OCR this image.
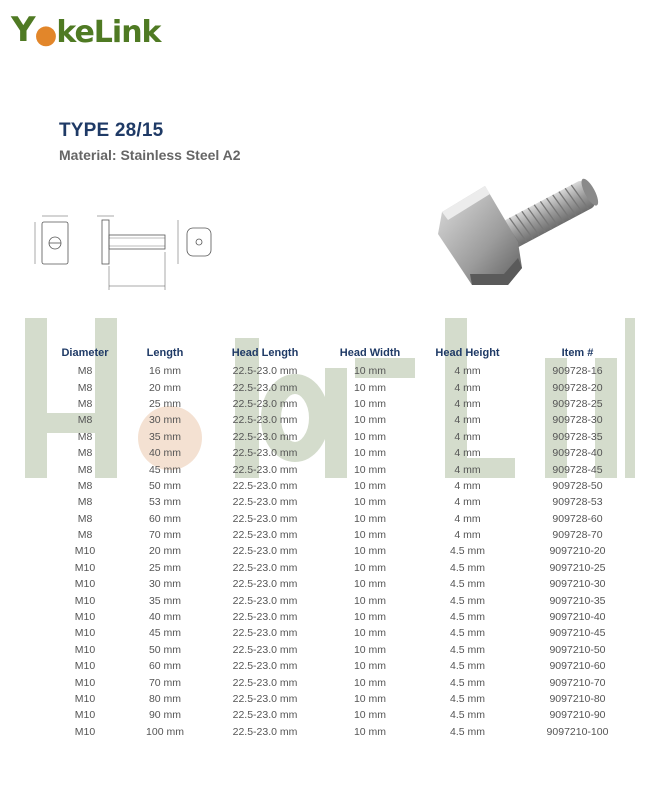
Y ● keLink
TYPE 28/15
Material: Stainless Steel A2
Diameter	Length	Head Length	Head Width	Head Height	Item #
M8	16 mm	22.5-23.0 mm	10 mm	4 mm	909728-16
M8	20 mm	22.5-23.0 mm	10 mm	4 mm	909728-20
M8	25 mm	22.5-23.0 mm	10 mm	4 mm	909728-25
M8	30 mm	22.5-23.0 mm	10 mm	4 mm	909728-30
M8	35 mm	22.5-23.0 mm	10 mm	4 mm	909728-35
M8	40 mm	22.5-23.0 mm	10 mm	4 mm	909728-40
M8	45 mm	22.5-23.0 mm	10 mm	4 mm	909728-45
M8	50 mm	22.5-23.0 mm	10 mm	4 mm	909728-50
M8	53 mm	22.5-23.0 mm	10 mm	4 mm	909728-53
M8	60 mm	22.5-23.0 mm	10 mm	4 mm	909728-60
M8	70 mm	22.5-23.0 mm	10 mm	4 mm	909728-70
M10	20 mm	22.5-23.0 mm	10 mm	4.5 mm	9097210-20
M10	25 mm	22.5-23.0 mm	10 mm	4.5 mm	9097210-25
M10	30 mm	22.5-23.0 mm	10 mm	4.5 mm	9097210-30
M10	35 mm	22.5-23.0 mm	10 mm	4.5 mm	9097210-35
M10	40 mm	22.5-23.0 mm	10 mm	4.5 mm	9097210-40
M10	45 mm	22.5-23.0 mm	10 mm	4.5 mm	9097210-45
M10	50 mm	22.5-23.0 mm	10 mm	4.5 mm	9097210-50
M10	60 mm	22.5-23.0 mm	10 mm	4.5 mm	9097210-60
M10	70 mm	22.5-23.0 mm	10 mm	4.5 mm	9097210-70
M10	80 mm	22.5-23.0 mm	10 mm	4.5 mm	9097210-80
M10	90 mm	22.5-23.0 mm	10 mm	4.5 mm	9097210-90
M10	100 mm	22.5-23.0 mm	10 mm	4.5 mm	9097210-100
